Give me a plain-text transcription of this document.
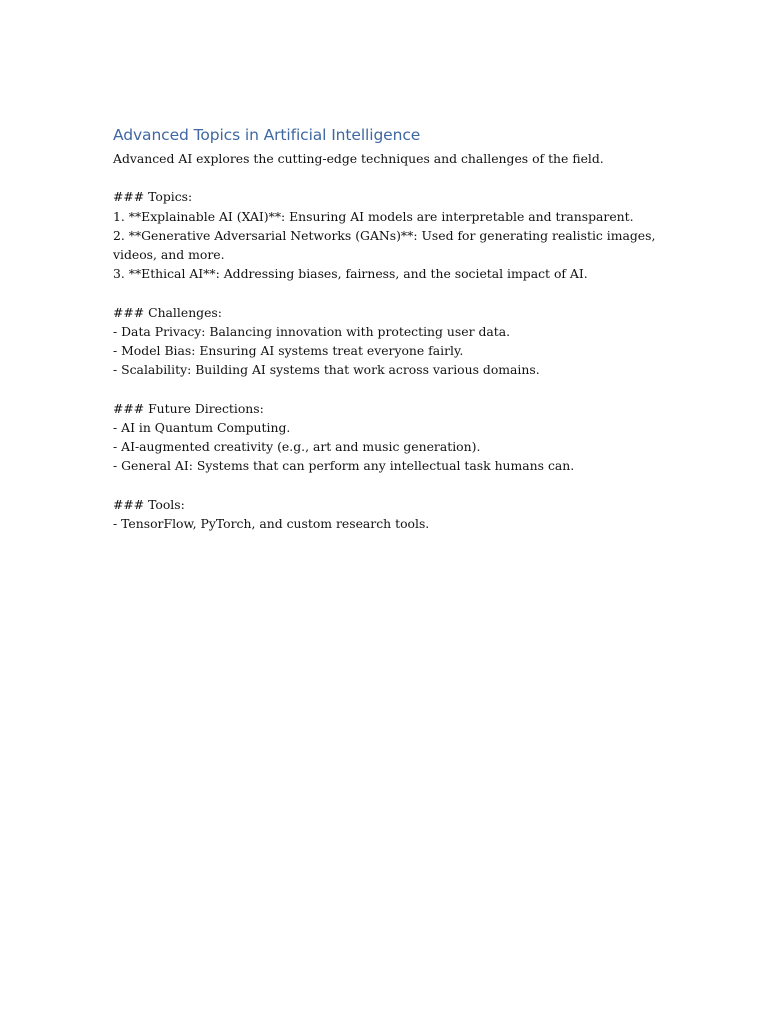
Advanced Topics in Artificial Intelligence

Advanced AI explores the cutting-edge techniques and challenges of the field.

### Topics:

1. **Explainable AI (XAI)**: Ensuring AI models are interpretable and transparent.

2. **Generative Adversarial Networks (GANs)**: Used for generating realistic images, videos, and more.

3. **Ethical AI**: Addressing biases, fairness, and the societal impact of AI.

### Challenges:

- Data Privacy: Balancing innovation with protecting user data.

- Model Bias: Ensuring AI systems treat everyone fairly.

- Scalability: Building AI systems that work across various domains.

### Future Directions:

- AI in Quantum Computing.

- AI-augmented creativity (e.g., art and music generation).

- General AI: Systems that can perform any intellectual task humans can.

### Tools:

- TensorFlow, PyTorch, and custom research tools.
